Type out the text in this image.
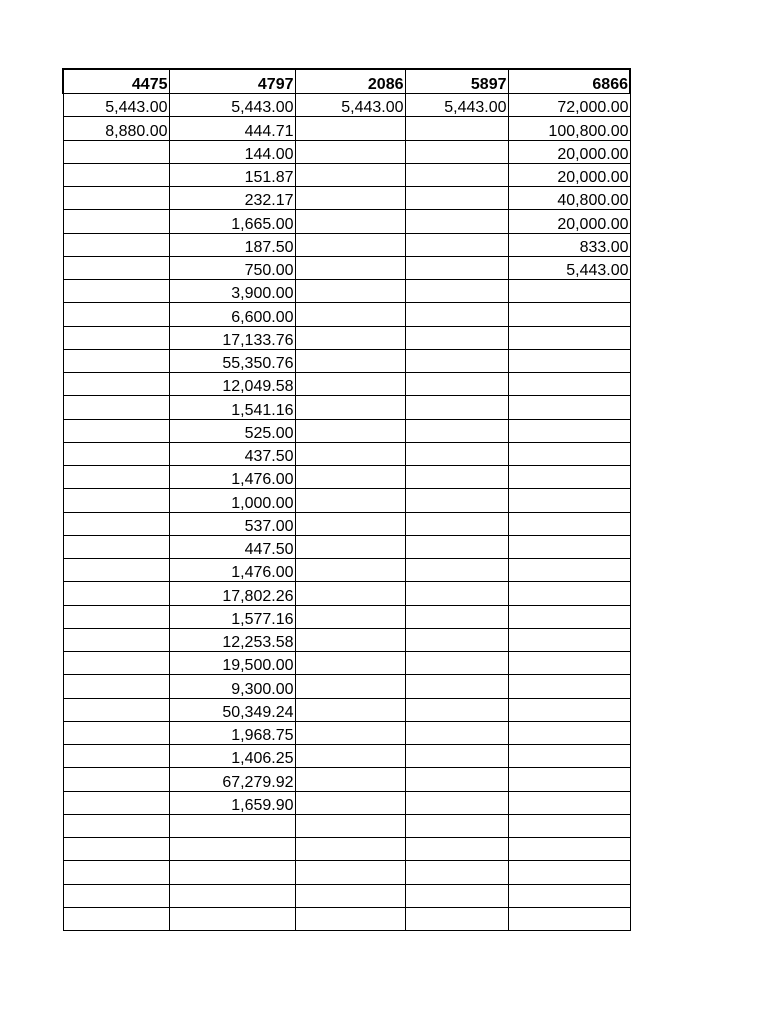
4475	4797	2086	5897	6866
5,443.00	5,443.00	5,443.00	5,443.00	72,000.00
8,880.00	444.71			100,800.00
	144.00			20,000.00
	151.87			20,000.00
	232.17			40,800.00
	1,665.00			20,000.00
	187.50			833.00
	750.00			5,443.00
	3,900.00			
	6,600.00			
	17,133.76			
	55,350.76			
	12,049.58			
	1,541.16			
	525.00			
	437.50			
	1,476.00			
	1,000.00			
	537.00			
	447.50			
	1,476.00			
	17,802.26			
	1,577.16			
	12,253.58			
	19,500.00			
	9,300.00			
	50,349.24			
	1,968.75			
	1,406.25			
	67,279.92			
	1,659.90			
